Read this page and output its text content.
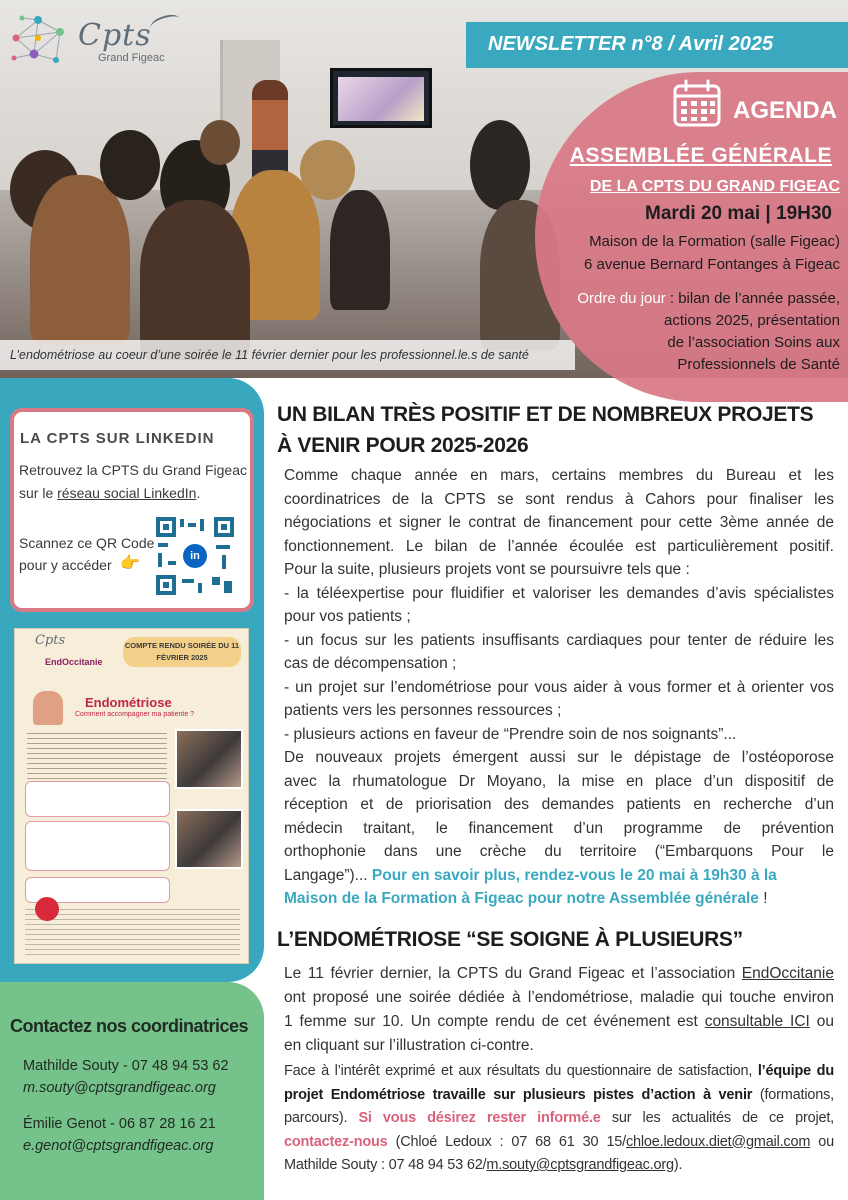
L’endométriose au coeur d’une soirée le 11 février dernier pour les professionnel.le.s de santé
Cpts
Grand Figeac
NEWSLETTER n°8 / Avril 2025
AGENDA
ASSEMBLÉE GÉNÉRALE
DE LA CPTS DU GRAND FIGEAC
Mardi 20 mai | 19H30
Maison de la Formation (salle Figeac)
6 avenue Bernard Fontanges à Figeac
Ordre du jour : bilan de l’année passée,
actions 2025, présentation
de l’association Soins aux
Professionnels de Santé
LA CPTS SUR LINKEDIN
Retrouvez la CPTS du Grand Figeac
sur le réseau social LinkedIn.
Scannez ce QR Code
pour y accéder 👉	in
Cpts
EndOccitanie
COMPTE RENDU SOIRÉE DU 11 FÉVRIER 2025
Endométriose
Comment accompagner ma patiente ?
Contactez nos coordinatrices
Mathilde Souty - 07 48 94 53 62
m.souty@cptsgrandfigeac.org
Émilie Genot - 06 87 28 16 21
e.genot@cptsgrandfigeac.org
UN BILAN TRÈS POSITIF ET DE NOMBREUX PROJETS
À VENIR POUR 2025-2026
Comme chaque année en mars, certains membres du Bureau et les
coordinatrices de la CPTS se sont rendus à Cahors pour finaliser les
négociations et signer le contrat de financement pour cette 3ème année de
fonctionnement. Le bilan de l’année écoulée est particulièrement positif.
Pour la suite, plusieurs projets vont se poursuivre tels que :
- la téléexpertise pour fluidifier et valoriser les demandes d’avis spécialistes
pour vos patients ;
- un focus sur les patients insuffisants cardiaques pour tenter de réduire les
cas de décompensation ;
- un projet sur l’endométriose pour vous aider à vous former et à orienter vos
patients vers les personnes ressources ;
- plusieurs actions en faveur de “Prendre soin de nos soignants”...
De nouveaux projets émergent aussi sur le dépistage de l’ostéoporose
avec la rhumatologue Dr Moyano, la mise en place d’un dispositif de
réception et de priorisation des demandes patients en recherche d’un
médecin traitant, le financement d’un programme de prévention
orthophonie dans une crèche du territoire (“Embarquons Pour le
Langage”)... Pour en savoir plus, rendez-vous le 20 mai à 19h30 à la
Maison de la Formation à Figeac pour notre Assemblée générale !
L’ENDOMÉTRIOSE “SE SOIGNE À PLUSIEURS”
Le 11 février dernier, la CPTS du Grand Figeac et l’association EndOccitanie
ont proposé une soirée dédiée à l’endométriose, maladie qui touche environ
1 femme sur 10. Un compte rendu de cet événement est consultable ICI ou
en cliquant sur l’illustration ci-contre.
Face à l’intérêt exprimé et aux résultats du questionnaire de satisfaction, l’équipe du
projet Endométriose travaille sur plusieurs pistes d’action à venir (formations,
parcours). Si vous désirez rester informé.e sur les actualités de ce projet,
contactez-nous (Chloé Ledoux : 07 68 61 30 15/chloe.ledoux.diet@gmail.com ou
Mathilde Souty : 07 48 94 53 62/m.souty@cptsgrandfigeac.org).
